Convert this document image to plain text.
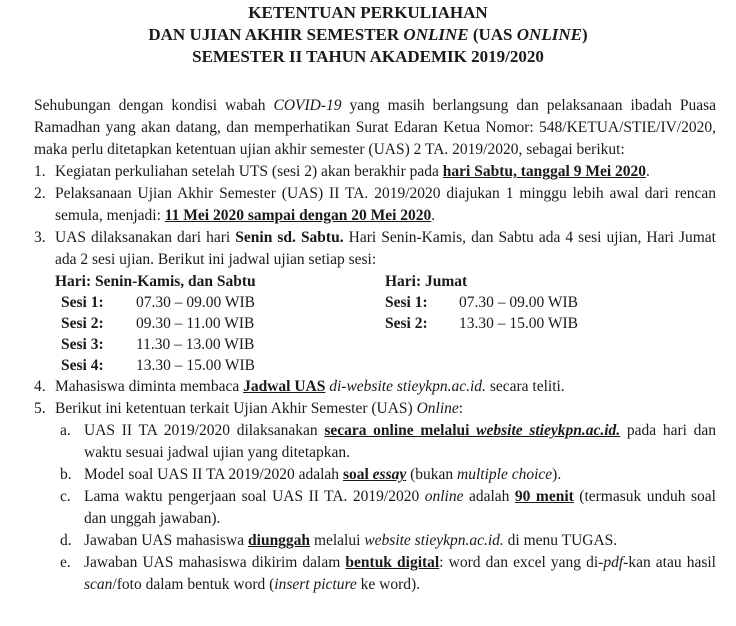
KETENTUAN PERKULIAHAN
DAN UJIAN AKHIR SEMESTER ONLINE (UAS ONLINE)
SEMESTER II TAHUN AKADEMIK 2019/2020

Sehubungan dengan kondisi wabah COVID-19 yang masih berlangsung dan pelaksanaan ibadah Puasa Ramadhan yang akan datang, dan memperhatikan Surat Edaran Ketua Nomor: 548/KETUA/STIE/IV/2020, maka perlu ditetapkan ketentuan ujian akhir semester (UAS) 2 TA. 2019/2020, sebagai berikut:

1. Kegiatan perkuliahan setelah UTS (sesi 2) akan berakhir pada hari Sabtu, tanggal 9 Mei 2020.
2. Pelaksanaan Ujian Akhir Semester (UAS) II TA. 2019/2020 diajukan 1 minggu lebih awal dari rencan semula, menjadi: 11 Mei 2020 sampai dengan 20 Mei 2020.
3. UAS dilaksanakan dari hari Senin sd. Sabtu. Hari Senin-Kamis, dan Sabtu ada 4 sesi ujian, Hari Jumat ada 2 sesi ujian. Berikut ini jadwal ujian setiap sesi:
Hari: Senin-Kamis, dan Sabtu
Sesi 1:	07.30 – 09.00 WIB
Sesi 2:	09.30 – 11.00 WIB
Sesi 3:	11.30 – 13.00 WIB
Sesi 4:	13.30 – 15.00 WIB
Hari: Jumat
Sesi 1:	07.30 – 09.00 WIB
Sesi 2:	13.30 – 15.00 WIB
4. Mahasiswa diminta membaca Jadwal UAS di-website stieykpn.ac.id. secara teliti.
5. Berikut ini ketentuan terkait Ujian Akhir Semester (UAS) Online:
a. UAS II TA 2019/2020 dilaksanakan secara online melalui website stieykpn.ac.id. pada hari dan waktu sesuai jadwal ujian yang ditetapkan.
b. Model soal UAS II TA 2019/2020 adalah soal essay (bukan multiple choice).
c. Lama waktu pengerjaan soal UAS II TA. 2019/2020 online adalah 90 menit (termasuk unduh soal dan unggah jawaban).
d. Jawaban UAS mahasiswa diunggah melalui website stieykpn.ac.id. di menu TUGAS.
e. Jawaban UAS mahasiswa dikirim dalam bentuk digital: word dan excel yang di-pdf-kan atau hasil scan/foto dalam bentuk word (insert picture ke word).
